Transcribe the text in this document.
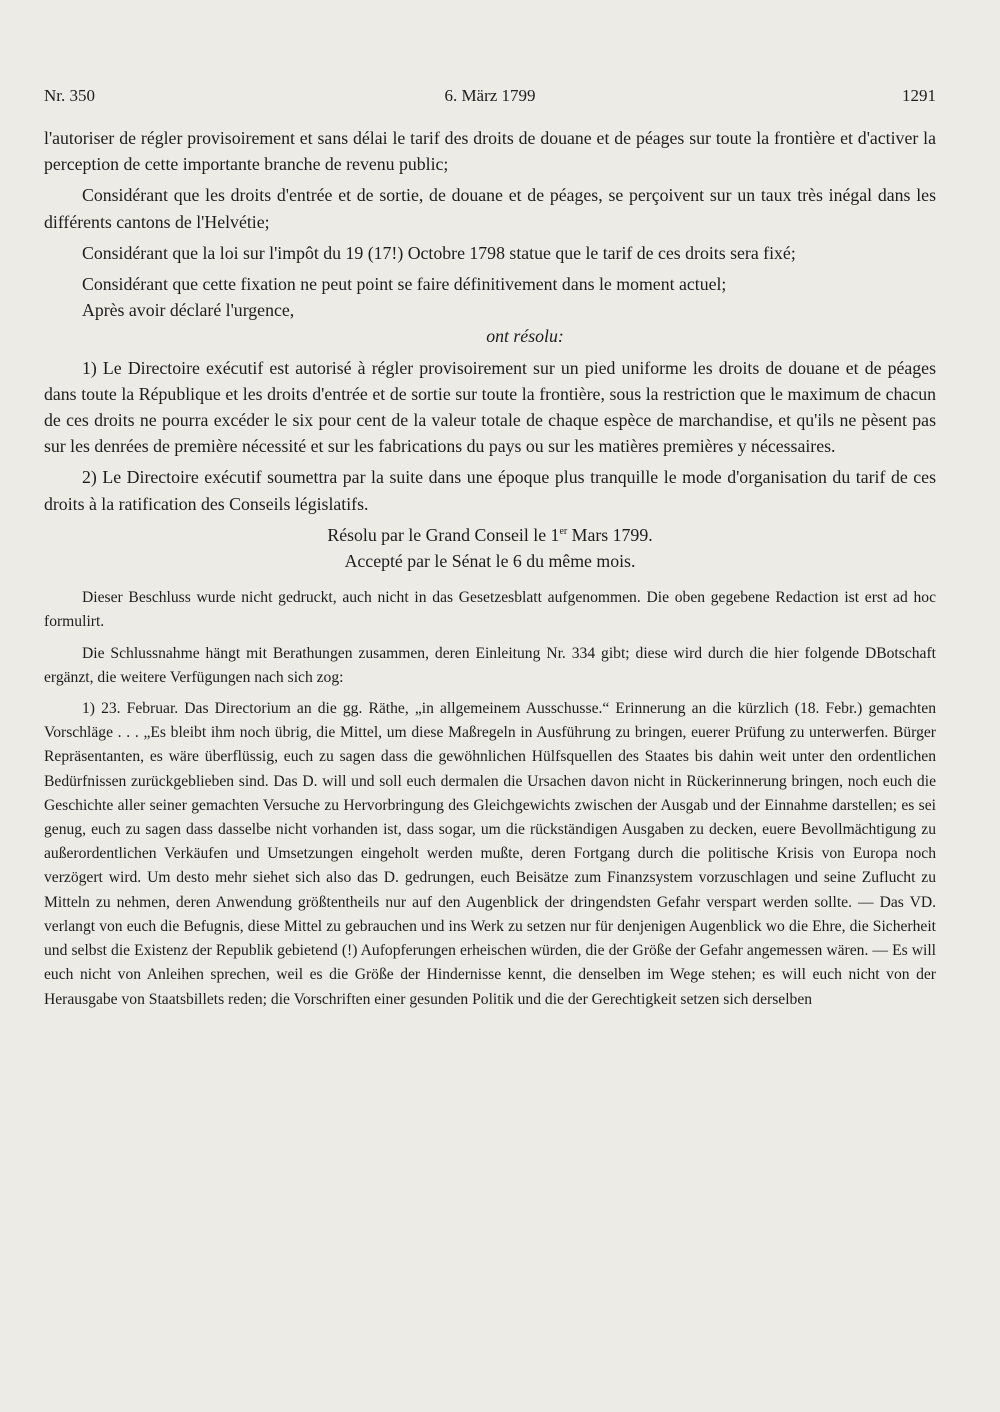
Nr. 350	6. März 1799	1291

l'autoriser de régler provisoirement et sans délai le tarif des droits de douane et de péages sur toute la frontière et d'activer la perception de cette importante branche de revenu public;

Considérant que les droits d'entrée et de sortie, de douane et de péages, se perçoivent sur un taux très inégal dans les différents cantons de l'Helvétie;

Considérant que la loi sur l'impôt du 19 (17!) Octobre 1798 statue que le tarif de ces droits sera fixé;

Considérant que cette fixation ne peut point se faire définitivement dans le moment actuel;

Après avoir déclaré l'urgence,

ont résolu:

1) Le Directoire exécutif est autorisé à régler provisoirement sur un pied uniforme les droits de douane et de péages dans toute la République et les droits d'entrée et de sortie sur toute la frontière, sous la restriction que le maximum de chacun de ces droits ne pourra excéder le six pour cent de la valeur totale de chaque espèce de marchandise, et qu'ils ne pèsent pas sur les denrées de première nécessité et sur les fabrications du pays ou sur les matières premières y nécessaires.

2) Le Directoire exécutif soumettra par la suite dans une époque plus tranquille le mode d'organisation du tarif de ces droits à la ratification des Conseils législatifs.

Résolu par le Grand Conseil le 1er Mars 1799.

Accepté par le Sénat le 6 du même mois.

Dieser Beschluss wurde nicht gedruckt, auch nicht in das Gesetzesblatt aufgenommen. Die oben gegebene Redaction ist erst ad hoc formulirt.

Die Schlussnahme hängt mit Berathungen zusammen, deren Einleitung Nr. 334 gibt; diese wird durch die hier folgende DBotschaft ergänzt, die weitere Verfügungen nach sich zog:

1) 23. Februar. Das Directorium an die gg. Räthe, „in allgemeinem Ausschusse.“ Erinnerung an die kürzlich (18. Febr.) gemachten Vorschläge . . . „Es bleibt ihm noch übrig, die Mittel, um diese Maßregeln in Ausführung zu bringen, euerer Prüfung zu unterwerfen. Bürger Repräsentanten, es wäre überflüssig, euch zu sagen dass die gewöhnlichen Hülfsquellen des Staates bis dahin weit unter den ordentlichen Bedürfnissen zurückgeblieben sind. Das D. will und soll euch dermalen die Ursachen davon nicht in Rückerinnerung bringen, noch euch die Geschichte aller seiner gemachten Versuche zu Hervorbringung des Gleichgewichts zwischen der Ausgab und der Einnahme darstellen; es sei genug, euch zu sagen dass dasselbe nicht vorhanden ist, dass sogar, um die rückständigen Ausgaben zu decken, euere Bevollmächtigung zu außerordentlichen Verkäufen und Umsetzungen eingeholt werden mußte, deren Fortgang durch die politische Krisis von Europa noch verzögert wird. Um desto mehr siehet sich also das D. gedrungen, euch Beisätze zum Finanzsystem vorzuschlagen und seine Zuflucht zu Mitteln zu nehmen, deren Anwendung größtentheils nur auf den Augenblick der dringendsten Gefahr verspart werden sollte. — Das VD. verlangt von euch die Befugnis, diese Mittel zu gebrauchen und ins Werk zu setzen nur für denjenigen Augenblick wo die Ehre, die Sicherheit und selbst die Existenz der Republik gebietend (!) Aufopferungen erheischen würden, die der Größe der Gefahr angemessen wären. — Es will euch nicht von Anleihen sprechen, weil es die Größe der Hindernisse kennt, die denselben im Wege stehen; es will euch nicht von der Herausgabe von Staatsbillets reden; die Vorschriften einer gesunden Politik und die der Gerechtigkeit setzen sich derselben
